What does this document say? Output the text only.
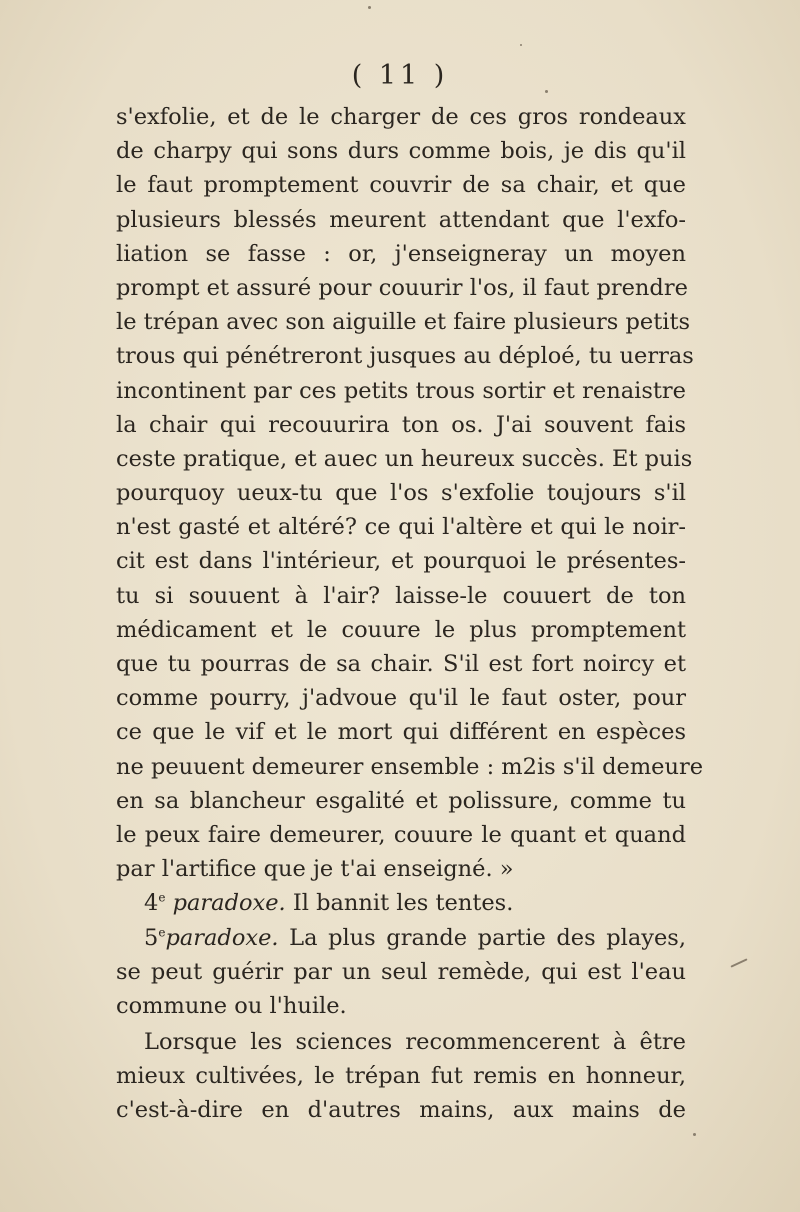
( 11 )
s'exfolie, et de le charger de ces gros rondeaux
de charpy qui sons durs comme bois, je dis qu'il
le faut promptement couvrir de sa chair, et que
plusieurs blessés meurent attendant que l'exfo-
liation se fasse : or, j'enseigneray un moyen
prompt et assuré pour couurir l'os, il faut prendre
le trépan avec son aiguille et faire plusieurs petits
trous qui pénétreront jusques au déploé, tu uerras
incontinent par ces petits trous sortir et renaistre
la chair qui recouurira ton os. J'ai souvent fais
ceste pratique, et auec un heureux succès. Et puis
pourquoy ueux-tu que l'os s'exfolie toujours s'il
n'est gasté et altéré? ce qui l'altère et qui le noir-
cit est dans l'intérieur, et pourquoi le présentes-
tu si souuent à l'air? laisse-le couuert de ton
médicament et le couure le plus promptement
que tu pourras de sa chair. S'il est fort noircy et
comme pourry, j'advoue qu'il le faut oster, pour
ce que le vif et le mort qui différent en espèces
ne peuuent demeurer ensemble : m2is s'il demeure
en sa blancheur esgalité et polissure, comme tu
le peux faire demeurer, couure le quant et quand
par l'artifice que je t'ai enseigné. »
4e paradoxe. Il bannit les tentes.
5eparadoxe. La plus grande partie des playes,
se peut guérir par un seul remède, qui est l'eau
commune ou l'huile.
Lorsque les sciences recommencerent à être
mieux cultivées, le trépan fut remis en honneur,
c'est-à-dire en d'autres mains, aux mains de
